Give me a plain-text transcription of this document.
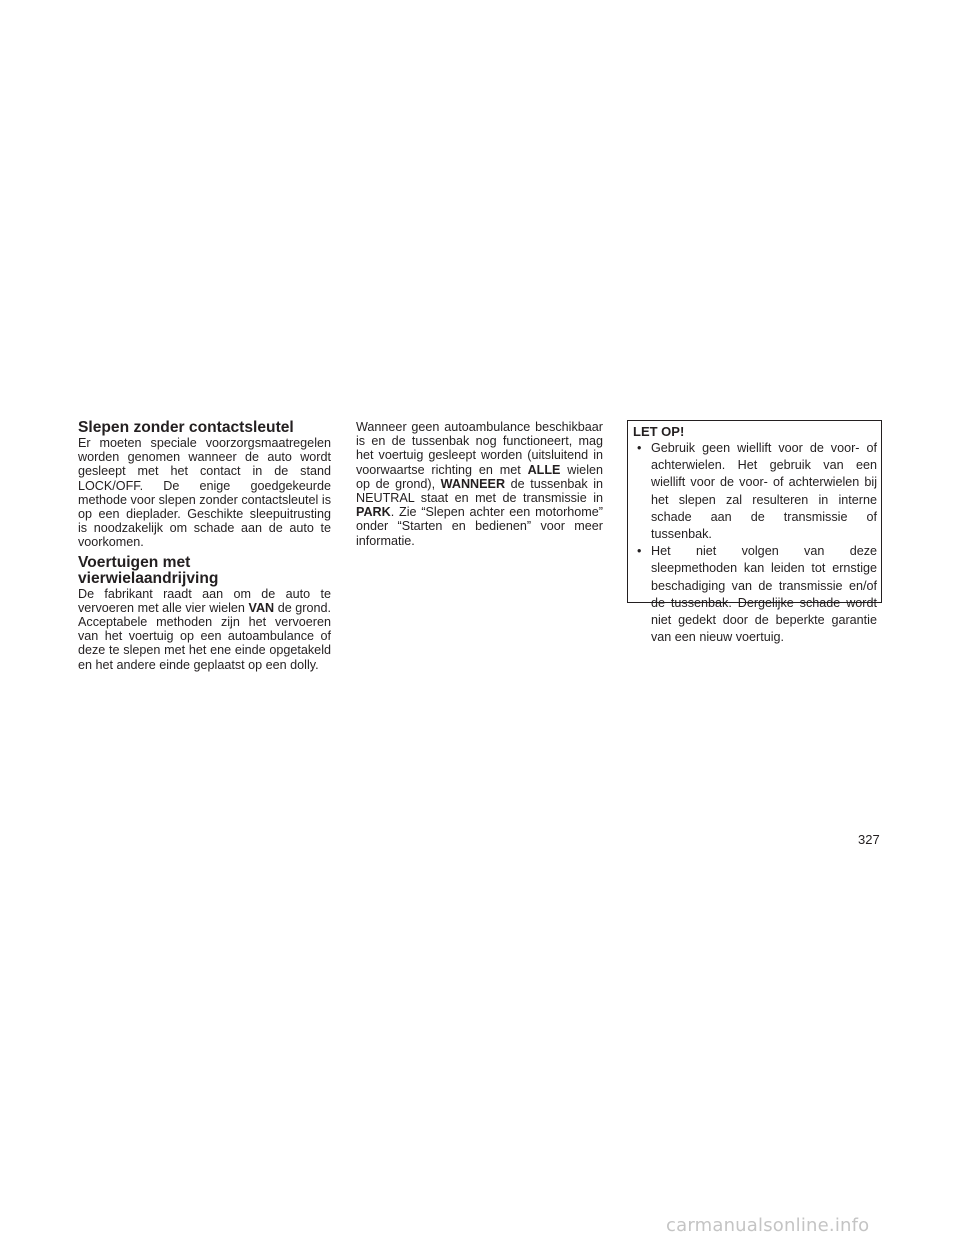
Slepen zonder contactsleutel

Er moeten speciale voorzorgsmaatregelen worden genomen wanneer de auto wordt gesleept met het contact in de stand LOCK/OFF. De enige goedgekeurde methode voor slepen zonder contactsleutel is op een dieplader. Geschikte sleepuitrusting is noodzakelijk om schade aan de auto te voorkomen.

Voertuigen met vierwielaandrijving

De fabrikant raadt aan om de auto te vervoeren met alle vier wielen VAN de grond. Acceptabele methoden zijn het vervoeren van het voertuig op een autoambulance of deze te slepen met het ene einde opgetakeld en het andere einde geplaatst op een dolly.

Wanneer geen autoambulance beschikbaar is en de tussenbak nog functioneert, mag het voertuig gesleept worden (uitsluitend in voorwaartse richting en met ALLE wielen op de grond), WANNEER de tussenbak in NEUTRAL staat en met de transmissie in PARK. Zie “Slepen achter een motorhome” onder “Starten en bedienen” voor meer informatie.

LET OP!
• Gebruik geen wiellift voor de voor- of achterwielen. Het gebruik van een wiellift voor de voor- of achterwielen bij het slepen zal resulteren in interne schade aan de transmissie of tussenbak.
• Het niet volgen van deze sleepmethoden kan leiden tot ernstige beschadiging van de transmissie en/of de tussenbak. Dergelijke schade wordt niet gedekt door de beperkte garantie van een nieuw voertuig.
327
carmanualsonline.info
